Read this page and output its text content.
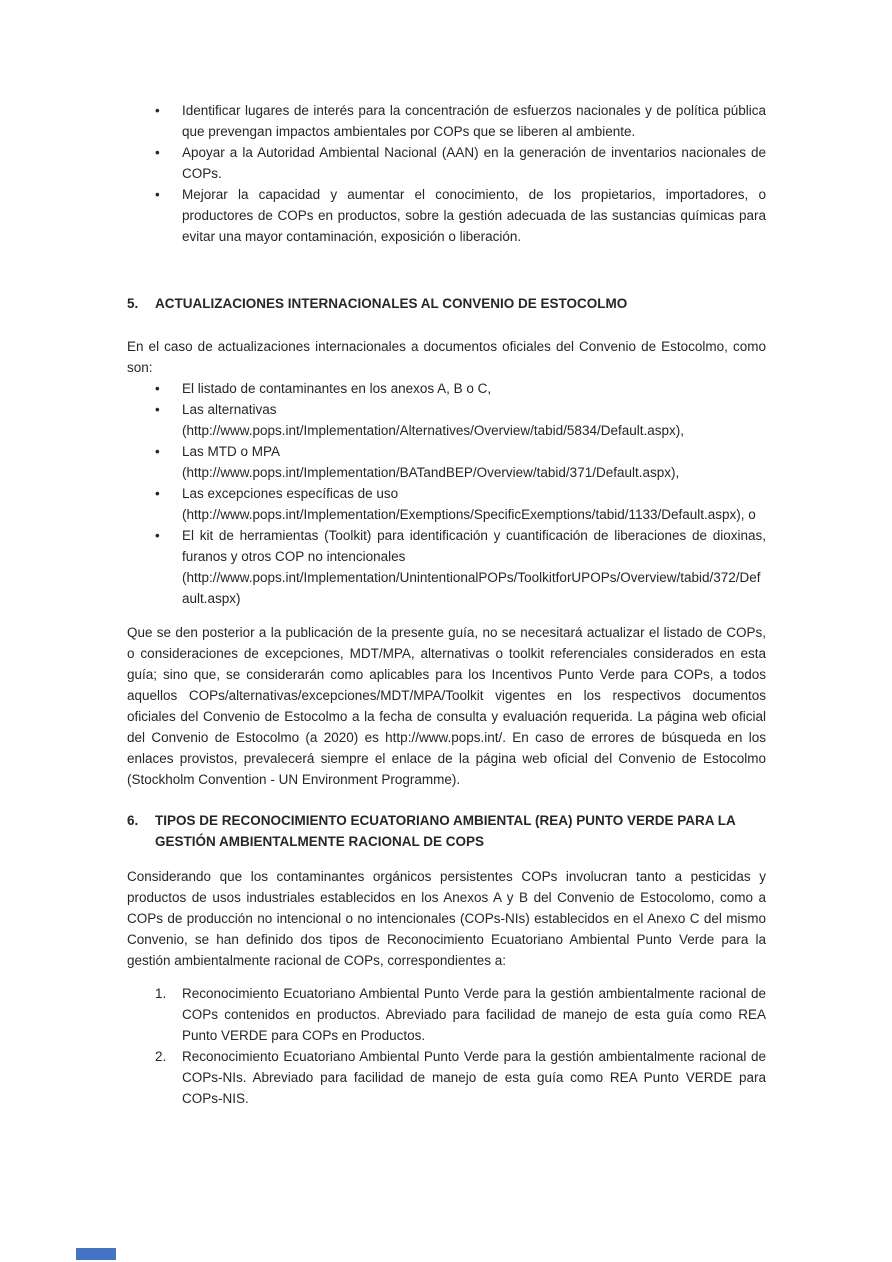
• Identificar lugares de interés para la concentración de esfuerzos nacionales y de política pública que prevengan impactos ambientales por COPs que se liberen al ambiente.
• Apoyar a la Autoridad Ambiental Nacional (AAN) en la generación de inventarios nacionales de COPs.
• Mejorar la capacidad y aumentar el conocimiento, de los propietarios, importadores, o productores de COPs en productos, sobre la gestión adecuada de las sustancias químicas para evitar una mayor contaminación, exposición o liberación.
5.	ACTUALIZACIONES INTERNACIONALES AL CONVENIO DE ESTOCOLMO

En el caso de actualizaciones internacionales a documentos oficiales del Convenio de Estocolmo, como son:

• El listado de contaminantes en los anexos A, B o C,
• Las alternativas
(http://www.pops.int/Implementation/Alternatives/Overview/tabid/5834/Default.aspx),
• Las MTD o MPA
(http://www.pops.int/Implementation/BATandBEP/Overview/tabid/371/Default.aspx),
• Las excepciones específicas de uso
(http://www.pops.int/Implementation/Exemptions/SpecificExemptions/tabid/1133/Default.aspx), o
• El kit de herramientas (Toolkit) para identificación y cuantificación de liberaciones de dioxinas, furanos y otros COP no intencionales
(http://www.pops.int/Implementation/UnintentionalPOPs/ToolkitforUPOPs/Overview/tabid/372/Default.aspx)

Que se den posterior a la publicación de la presente guía, no se necesitará actualizar el listado de COPs, o consideraciones de excepciones, MDT/MPA, alternativas o toolkit referenciales considerados en esta guía; sino que, se considerarán como aplicables para los Incentivos Punto Verde para COPs, a todos aquellos COPs/alternativas/excepciones/MDT/MPA/Toolkit vigentes en los respectivos documentos oficiales del Convenio de Estocolmo a la fecha de consulta y evaluación requerida. La página web oficial del Convenio de Estocolmo (a 2020) es http://www.pops.int/. En caso de errores de búsqueda en los enlaces provistos, prevalecerá siempre el enlace de la página web oficial del Convenio de Estocolmo (Stockholm Convention - UN Environment Programme).

6.	TIPOS DE RECONOCIMIENTO ECUATORIANO AMBIENTAL (REA) PUNTO VERDE PARA LA GESTIÓN AMBIENTALMENTE RACIONAL DE COPS

Considerando que los contaminantes orgánicos persistentes COPs involucran tanto a pesticidas y productos de usos industriales establecidos en los Anexos A y B del Convenio de Estocolomo, como a COPs de producción no intencional o no intencionales (COPs-NIs) establecidos en el Anexo C del mismo Convenio, se han definido dos tipos de Reconocimiento Ecuatoriano Ambiental Punto Verde para la gestión ambientalmente racional de COPs, correspondientes a:

1. Reconocimiento Ecuatoriano Ambiental Punto Verde para la gestión ambientalmente racional de COPs contenidos en productos. Abreviado para facilidad de manejo de esta guía como REA Punto VERDE para COPs en Productos.
2. Reconocimiento Ecuatoriano Ambiental Punto Verde para la gestión ambientalmente racional de COPs-NIs. Abreviado para facilidad de manejo de esta guía como REA Punto VERDE para COPs-NIS.
